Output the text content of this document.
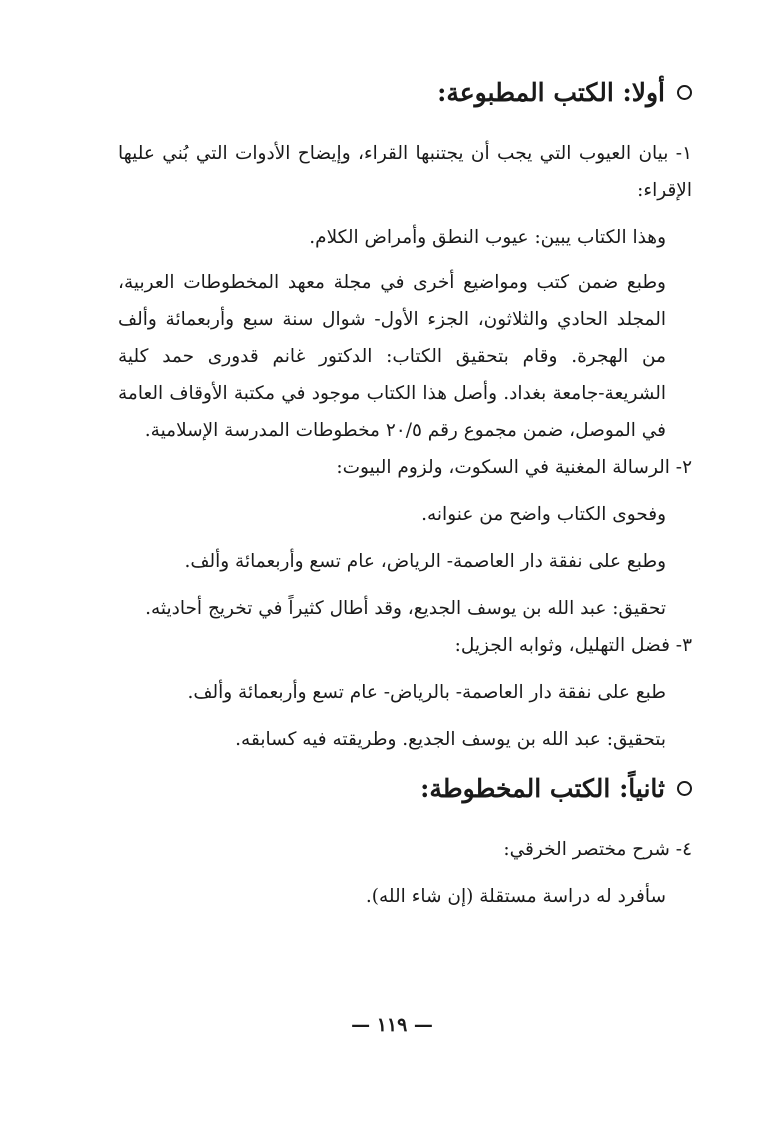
أولا: الكتب المطبوعة:

١- بيان العيوب التي يجب أن يجتنبها القراء، وإيضاح الأدوات التي بُني عليها الإقراء:

وهذا الكتاب يبين: عيوب النطق وأمراض الكلام.

وطبع ضمن كتب ومواضيع أخرى في مجلة معهد المخطوطات العربية، المجلد الحادي والثلاثون، الجزء الأول- شوال سنة سبع وأربعمائة وألف من الهجرة. وقام بتحقيق الكتاب: الدكتور غانم قدورى حمد كلية الشريعة-جامعة بغداد. وأصل هذا الكتاب موجود في مكتبة الأوقاف العامة في الموصل، ضمن مجموع رقم ٢٠/٥ مخطوطات المدرسة الإسلامية.

٢- الرسالة المغنية في السكوت، ولزوم البيوت:

وفحوى الكتاب واضح من عنوانه.

وطبع على نفقة دار العاصمة- الرياض، عام تسع وأربعمائة وألف.

تحقيق: عبد الله بن يوسف الجديع، وقد أطال كثيراً في تخريج أحاديثه.

٣- فضل التهليل، وثوابه الجزيل:

طبع على نفقة دار العاصمة- بالرياض- عام تسع وأربعمائة وألف.

بتحقيق: عبد الله بن يوسف الجديع. وطريقته فيه كسابقه.

ثانياً: الكتب المخطوطة:

٤- شرح مختصر الخرقي:

سأفرد له دراسة مستقلة (إن شاء الله).

— ١١٩ —
